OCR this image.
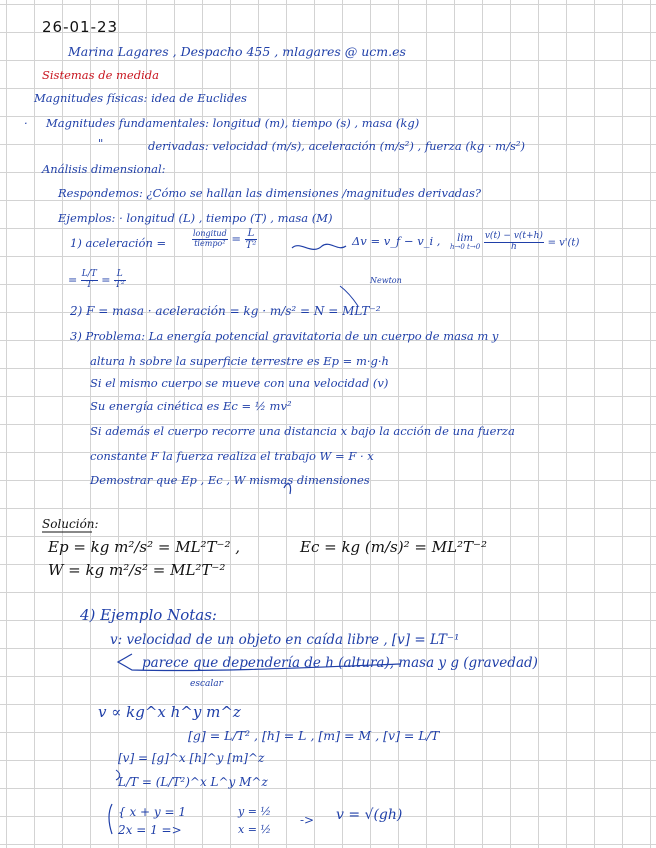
26-01-23
Marina Lagares , Despacho 455 , mlagares @ ucm.es
Sistemas de medida
Magnitudes físicas: idea de Euclides
· Magnitudes fundamentales: longitud (m), tiempo (s) , masa (kg)
"	derivadas: velocidad (m/s), aceleración (m/s²) , fuerza (kg · m/s²)
Análisis dimensional:
Respondemos: ¿Cómo se hallan las dimensiones /magnitudes derivadas?
Ejemplos: · longitud (L) , tiempo (T) , masa (M)
1) aceleración =	$\frac{\text{longitud}}{\text{tiempo²}} = \frac{L}{\text{T²}}$	Δv = v_f − v_i ,	lim
h→0 t→0
$\frac{v(t) - v(t+h)}{h} = v'(t)$
= $\frac{L/T}{T} = \frac{L}{\text{T²}}$	Newton
2) F = masa · aceleración = kg · m/s² = N = MLT⁻²
3) Problema: La energía potencial gravitatoria de un cuerpo de masa m y
altura h sobre la superficie terrestre es Ep = m·g·h
Si el mismo cuerpo se mueve con una velocidad (v)
Su energía cinética es Ec = ½ mv²
Si además el cuerpo recorre una distancia x bajo la acción de una fuerza
constante F la fuerza realiza el trabajo W = F · x
Demostrar que Ep , Ec , W mismas dimensiones
Solución:
Ep = kg m²/s² = ML²T⁻² ,	Ec = kg (m/s)² = ML²T⁻²
W = kg m²/s² = ML²T⁻²
4) Ejemplo Notas:
v: velocidad de un objeto en caída libre , [v] = LT⁻¹
parece que dependería de h (altura), masa y g (gravedad)
escalar
v ∝ kg^x h^y m^z
[g] = L/T² , [h] = L , [m] = M , [v] = L/T
[v] = [g]^x [h]^y [m]^z
L/T = (L/T²)^x L^y M^z
{ x + y = 1
2x = 1 =>
y = ½
x = ½
-> v = √(gh)
